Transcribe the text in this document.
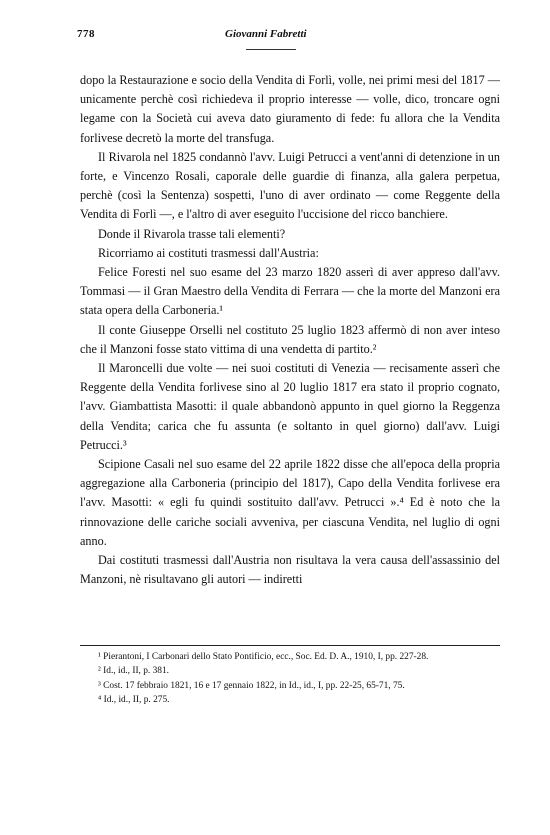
778	Giovanni Fabretti

dopo la Restaurazione e socio della Vendita di Forlì, volle, nei primi mesi del 1817 — unicamente perchè così richiedeva il proprio interesse — volle, dico, troncare ogni legame con la Società cui aveva dato giuramento di fede: fu allora che la Vendita forlivese decretò la morte del transfuga.

Il Rivarola nel 1825 condannò l'avv. Luigi Petrucci a vent'anni di detenzione in un forte, e Vincenzo Rosali, caporale delle guardie di finanza, alla galera perpetua, perchè (così la Sentenza) sospetti, l'uno di aver ordinato — come Reggente della Vendita di Forlì —, e l'altro di aver eseguito l'uccisione del ricco banchiere.

Donde il Rivarola trasse tali elementi?

Ricorriamo ai costituti trasmessi dall'Austria:

Felice Foresti nel suo esame del 23 marzo 1820 asserì di aver appreso dall'avv. Tommasi — il Gran Maestro della Vendita di Ferrara — che la morte del Manzoni era stata opera della Carboneria.¹

Il conte Giuseppe Orselli nel costituto 25 luglio 1823 affermò di non aver inteso che il Manzoni fosse stato vittima di una vendetta di partito.²

Il Maroncelli due volte — nei suoi costituti di Venezia — recisamente asserì che Reggente della Vendita forlivese sino al 20 luglio 1817 era stato il proprio cognato, l'avv. Giambattista Masotti: il quale abbandonò appunto in quel giorno la Reggenza della Vendita; carica che fu assunta (e soltanto in quel giorno) dall'avv. Luigi Petrucci.³

Scipione Casali nel suo esame del 22 aprile 1822 disse che all'epoca della propria aggregazione alla Carboneria (principio del 1817), Capo della Vendita forlivese era l'avv. Masotti: « egli fu quindi sostituito dall'avv. Petrucci ».⁴ Ed è noto che la rinnovazione delle cariche sociali avveniva, per ciascuna Vendita, nel luglio di ogni anno.

Dai costituti trasmessi dall'Austria non risultava la vera causa dell'assassinio del Manzoni, nè risultavano gli autori — indiretti

¹ Pierantoni, I Carbonari dello Stato Pontificio, ecc., Soc. Ed. D. A., 1910, I, pp. 227-28.

² Id., id., II, p. 381.

³ Cost. 17 febbraio 1821, 16 e 17 gennaio 1822, in Id., id., I, pp. 22-25, 65-71, 75.

⁴ Id., id., II, p. 275.
